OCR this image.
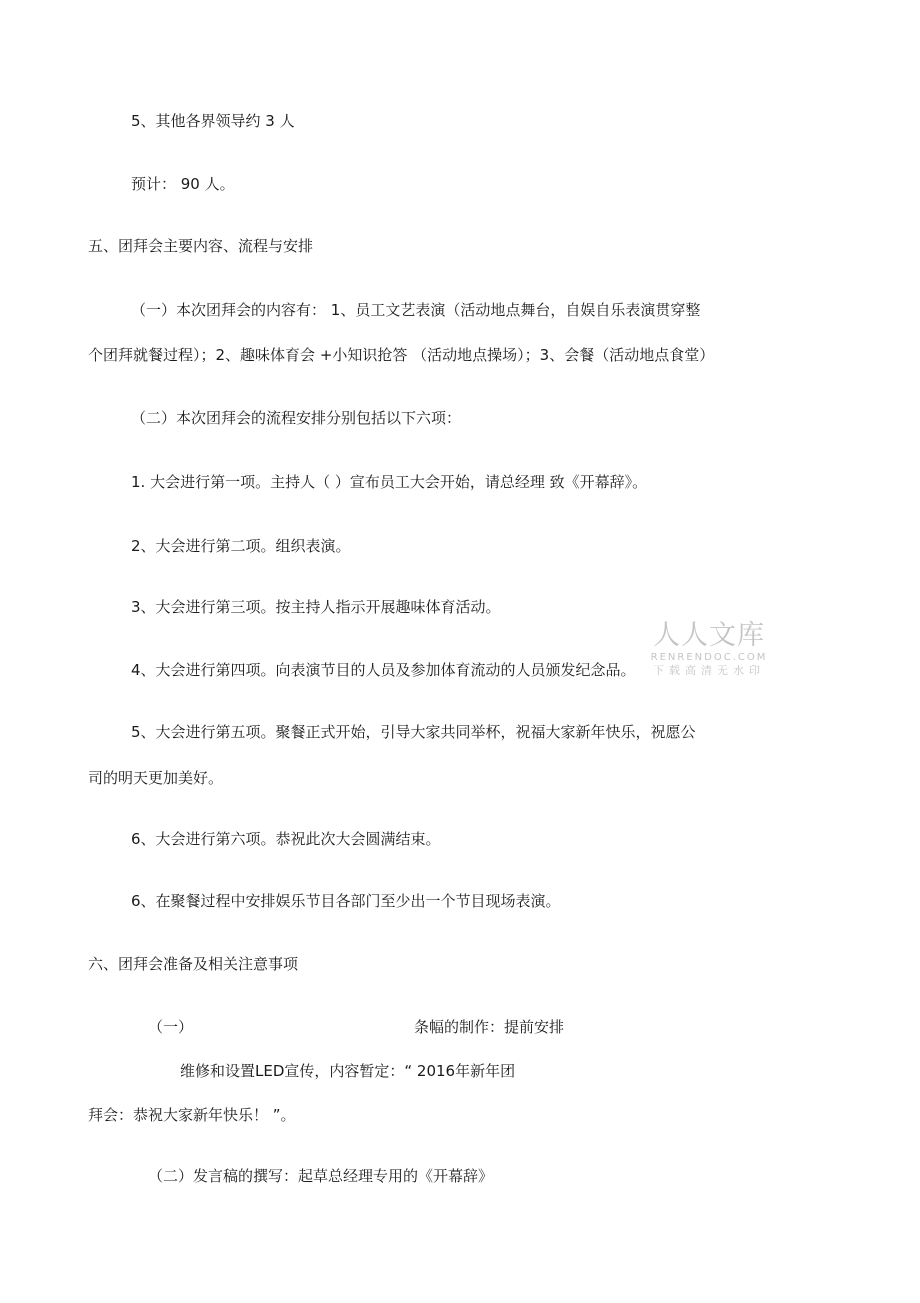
5、其他各界领导约 3 人

预计： 90 人。

五、团拜会主要内容、流程与安排

（一）本次团拜会的内容有： 1、员工文艺表演（活动地点舞台，自娱自乐表演贯穿整

个团拜就餐过程）；2、趣味体育会 +小知识抢答 （活动地点操场）；3、会餐（活动地点食堂）

（二）本次团拜会的流程安排分别包括以下六项：

1. 大会进行第一项。主持人（ ）宣布员工大会开始，请总经理 致《开幕辞》。

2、大会进行第二项。组织表演。

3、大会进行第三项。按主持人指示开展趣味体育活动。

4、大会进行第四项。向表演节目的人员及参加体育流动的人员颁发纪念品。

5、大会进行第五项。聚餐正式开始，引导大家共同举杯，祝福大家新年快乐，祝愿公

司的明天更加美好。

6、大会进行第六项。恭祝此次大会圆满结束。

6、在聚餐过程中安排娱乐节目各部门至少出一个节目现场表演。

六、团拜会准备及相关注意事项

（一）	条幅的制作：提前安排

维修和设置LED宣传，内容暂定：“ 2016年新年团

拜会：恭祝大家新年快乐！ ”。

（二）发言稿的撰写：起草总经理专用的《开幕辞》

人人文库
RENRENDOC.COM
下载高清无水印
